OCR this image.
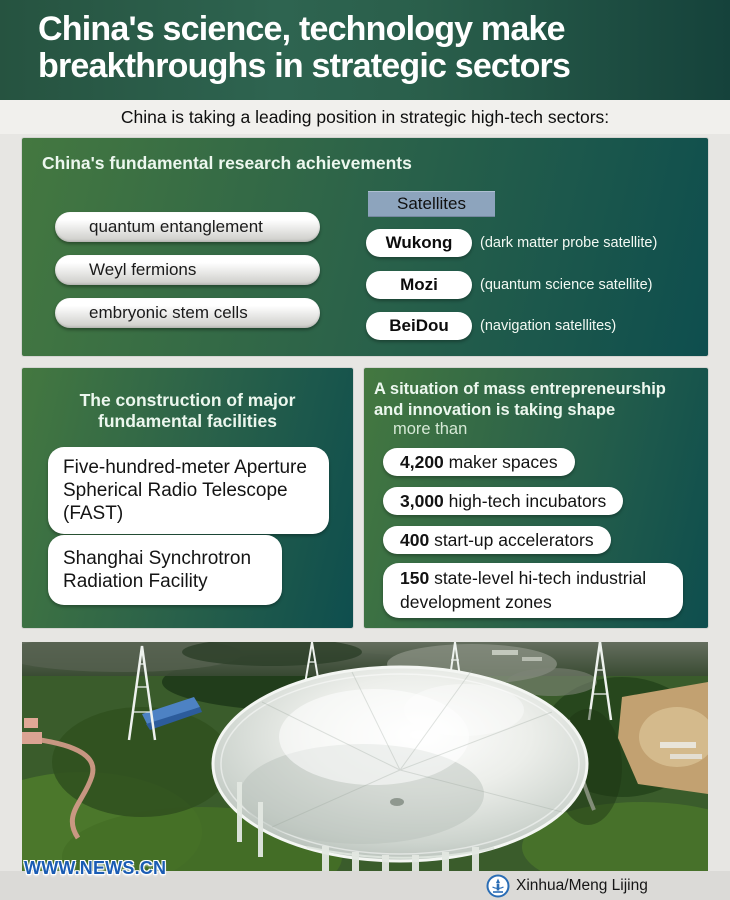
China's science, technology make
breakthroughs in strategic sectors
China is taking a leading position in strategic high-tech sectors:
China's fundamental research achievements
quantum entanglement
Weyl fermions
embryonic stem cells
Satellites
Wukong	(dark matter probe satellite)
Mozi	(quantum science satellite)
BeiDou	(navigation satellites)
The construction of major
fundamental facilities
Five-hundred-meter Aperture Spherical Radio Telescope (FAST)
Shanghai Synchrotron Radiation Facility
A situation of mass entrepreneurship
and innovation is taking shape
more than
4,200 maker spaces
3,000 high-tech incubators
400 start-up accelerators
150 state-level hi-tech industrial development zones
WWW.NEWS.CN
Xinhua/Meng Lijing
